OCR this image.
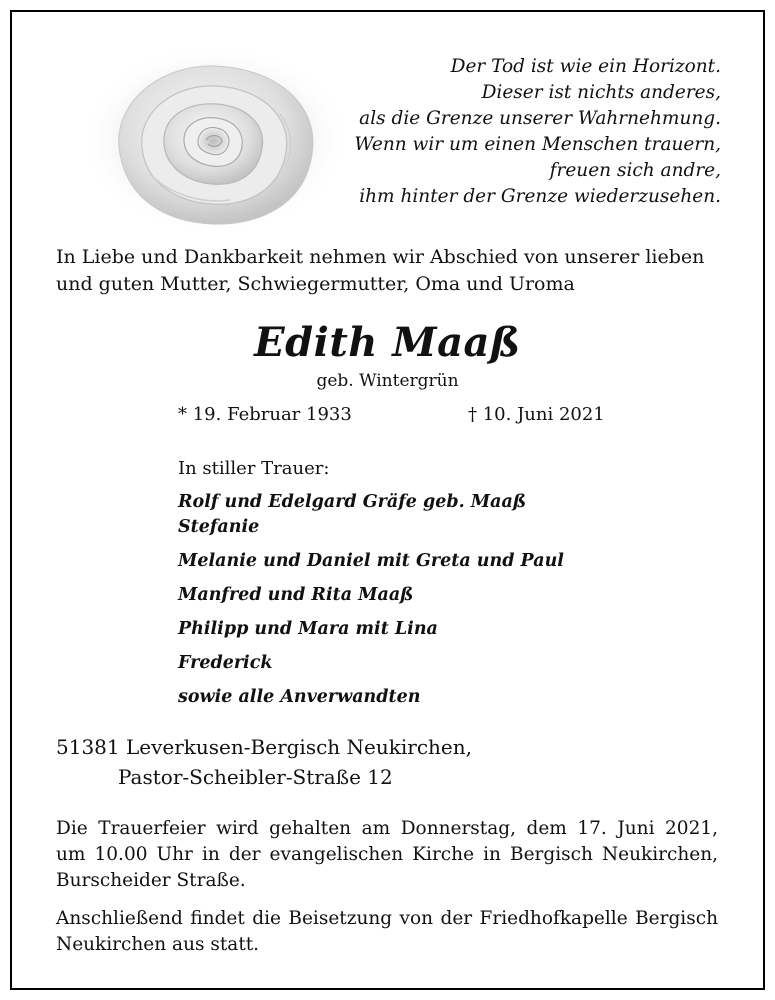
Der Tod ist wie ein Horizont.
Dieser ist nichts anderes,
als die Grenze unserer Wahrnehmung.
Wenn wir um einen Menschen trauern,
freuen sich andre,
ihm hinter der Grenze wiederzusehen.
In Liebe und Dankbarkeit nehmen wir Abschied von unserer lieben
und guten Mutter, Schwiegermutter, Oma und Uroma
Edith Maaß
geb. Wintergrün
* 19. Februar 1933	† 10. Juni 2021
In stiller Trauer:
Rolf und Edelgard Gräfe geb. Maaß
Stefanie
Melanie und Daniel mit Greta und Paul
Manfred und Rita Maaß
Philipp und Mara mit Lina
Frederick
sowie alle Anverwandten
51381 Leverkusen-Bergisch Neukirchen,
Pastor-Scheibler-Straße 12
Die Trauerfeier wird gehalten am Donnerstag, dem 17. Juni 2021,
um 10.00 Uhr in der evangelischen Kirche in Bergisch Neukirchen,
Burscheider Straße.
Anschließend findet die Beisetzung von der Friedhofkapelle Bergisch
Neukirchen aus statt.
